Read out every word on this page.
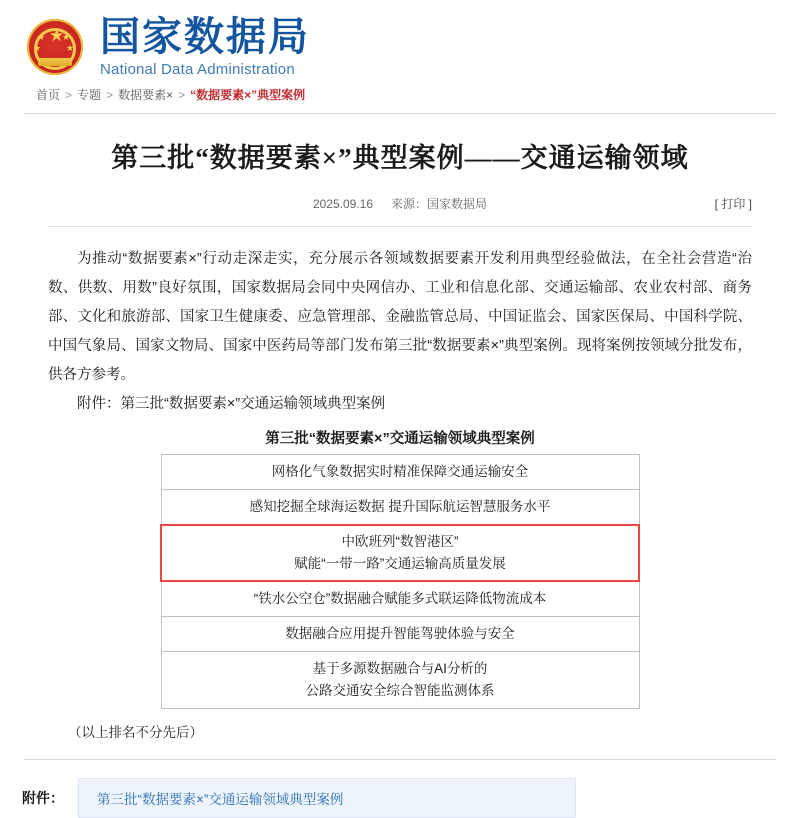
★
★
★
★
★ 国家数据局
National Data Administration
首页 > 专题 > 数据要素× > “数据要素×”典型案例
第三批“数据要素×”典型案例——交通运输领域
2025.09.16 来源：国家数据局	[ 打印 ]

为推动“数据要素×”行动走深走实，充分展示各领域数据要素开发利用典型经验做法，在全社会营造“治数、供数、用数”良好氛围，国家数据局会同中央网信办、工业和信息化部、交通运输部、农业农村部、商务部、文化和旅游部、国家卫生健康委、应急管理部、金融监管总局、中国证监会、国家医保局、中国科学院、中国气象局、国家文物局、国家中医药局等部门发布第三批“数据要素×”典型案例。现将案例按领域分批发布，供各方参考。

附件：第三批“数据要素×”交通运输领域典型案例

第三批“数据要素×”交通运输领域典型案例
网格化气象数据实时精准保障交通运输安全
感知挖掘全球海运数据 提升国际航运智慧服务水平

中欧班列“数智港区”
赋能“一带一路”交通运输高质量发展

“铁水公空仓”数据融合赋能多式联运降低物流成本
数据融合应用提升智能驾驶体验与安全

基于多源数据融合与AI分析的
公路交通安全综合智能监测体系
（以上排名不分先后）
附件：	第三批“数据要素×”交通运输领域典型案例
